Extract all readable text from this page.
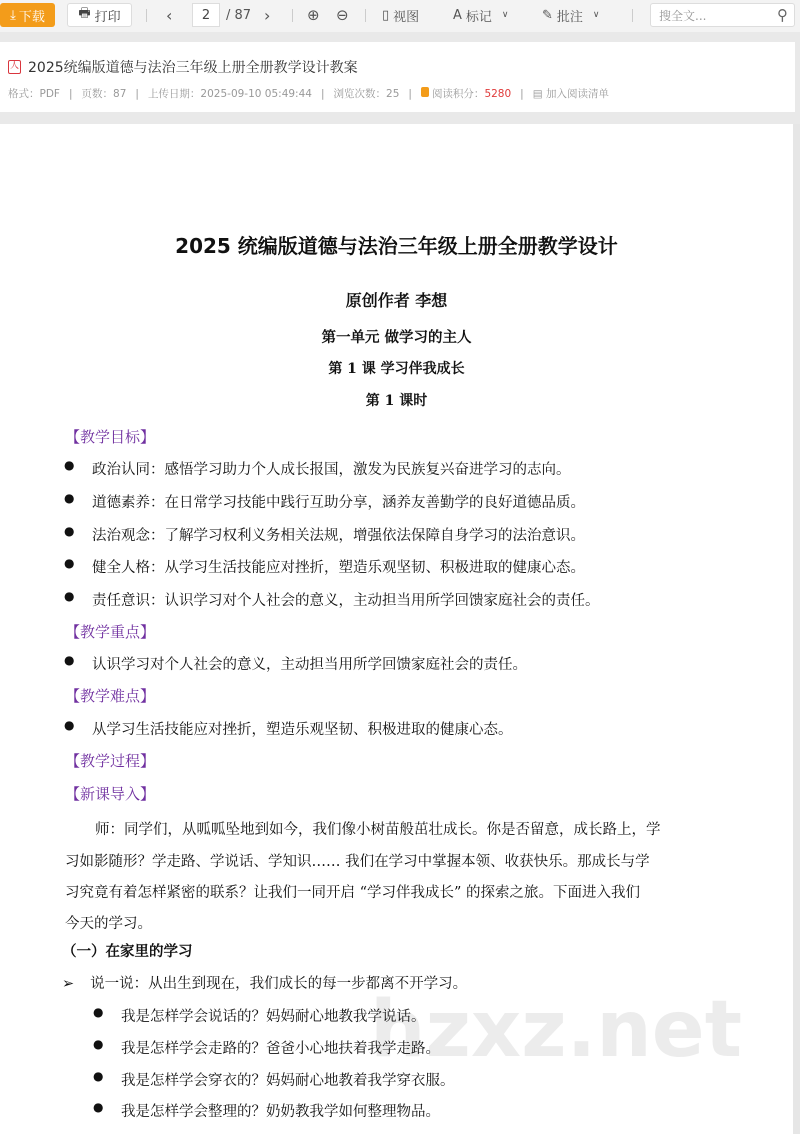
⤓ 下载	🖶 打印	‹ 2 / 87 › ⊕ ⊖	▯ 视图	A 标记 ∨	✎ 批注 ∨	搜全文...	⚲
人 2025统编版道德与法治三年级上册全册教学设计教案
格式：PDF | 页数：87 | 上传日期：2025-09-10 05:49:44 | 浏览次数：25 |	阅读积分：5280 | ▤ 加入阅读清单
2025 统编版道德与法治三年级上册全册教学设计
原创作者 李想
第一单元 做学习的主人
第 1 课 学习伴我成长
第 1 课时
【教学目标】
● 政治认同：感悟学习助力个人成长报国，激发为民族复兴奋进学习的志向。
● 道德素养：在日常学习技能中践行互助分享，涵养友善勤学的良好道德品质。
● 法治观念：了解学习权利义务相关法规，增强依法保障自身学习的法治意识。
● 健全人格：从学习生活技能应对挫折，塑造乐观坚韧、积极进取的健康心态。
● 责任意识：认识学习对个人社会的意义，主动担当用所学回馈家庭社会的责任。
【教学重点】
● 认识学习对个人社会的意义，主动担当用所学回馈家庭社会的责任。
【教学难点】
● 从学习生活技能应对挫折，塑造乐观坚韧、积极进取的健康心态。
【教学过程】
【新课导入】
师：同学们，从呱呱坠地到如今，我们像小树苗般茁壮成长。你是否留意，成长路上，学
习如影随形？学走路、学说话、学知识…… 我们在学习中掌握本领、收获快乐。那成长与学
习究竟有着怎样紧密的联系？让我们一同开启 “学习伴我成长” 的探索之旅。下面进入我们
今天的学习。
（一）在家里的学习
➢ 说一说：从出生到现在，我们成长的每一步都离不开学习。
● 我是怎样学会说话的？妈妈耐心地教我学说话。
● 我是怎样学会走路的？爸爸小心地扶着我学走路。
● 我是怎样学会穿衣的？妈妈耐心地教着我学穿衣服。
● 我是怎样学会整理的？奶奶教我学如何整理物品。
hzxz.net
